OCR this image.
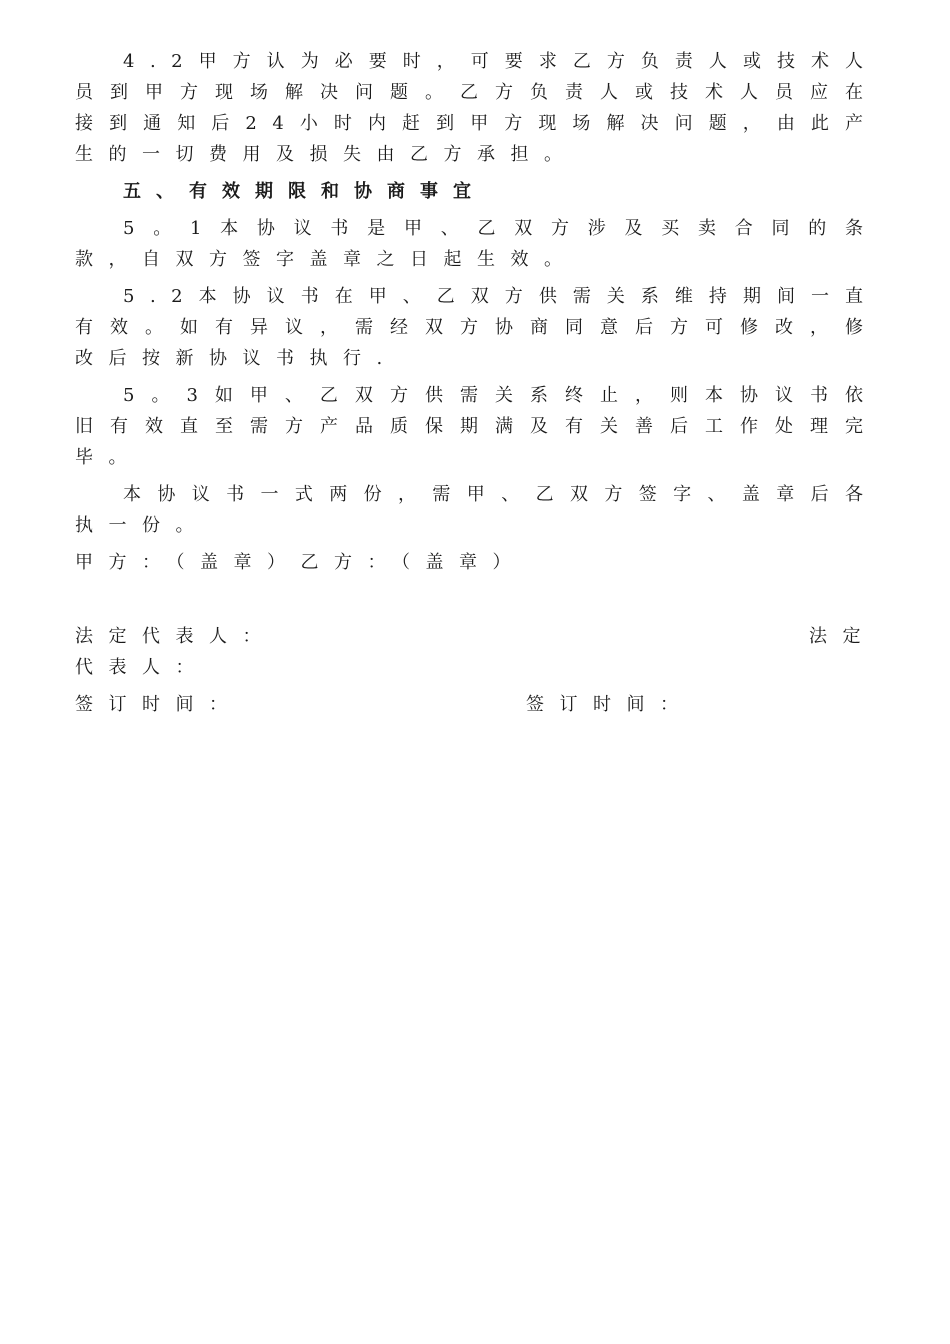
4.2甲方认为必要时，可要求乙方负责人或技术人员到甲方现场解决问题。乙方负责人或技术人员应在接到通知后24小时内赶到甲方现场解决问题，由此产生的一切费用及损失由乙方承担。

五、有效期限和协商事宜

5。1本协议书是甲、乙双方涉及买卖合同的条款，自双方签字盖章之日起生效。

5.2本协议书在甲、乙双方供需关系维持期间一直有效。如有异议，需经双方协商同意后方可修改，修改后按新协议书执行.

5。3如甲、乙双方供需关系终止，则本协议书依旧有效直至需方产品质保期满及有关善后工作处理完毕。

本协议书一式两份，需甲、乙双方签字、盖章后各执一份。

甲方：（盖章）乙方：（盖章）

法定代表人：	法定
代表人：
签订时间：	签订时间：
